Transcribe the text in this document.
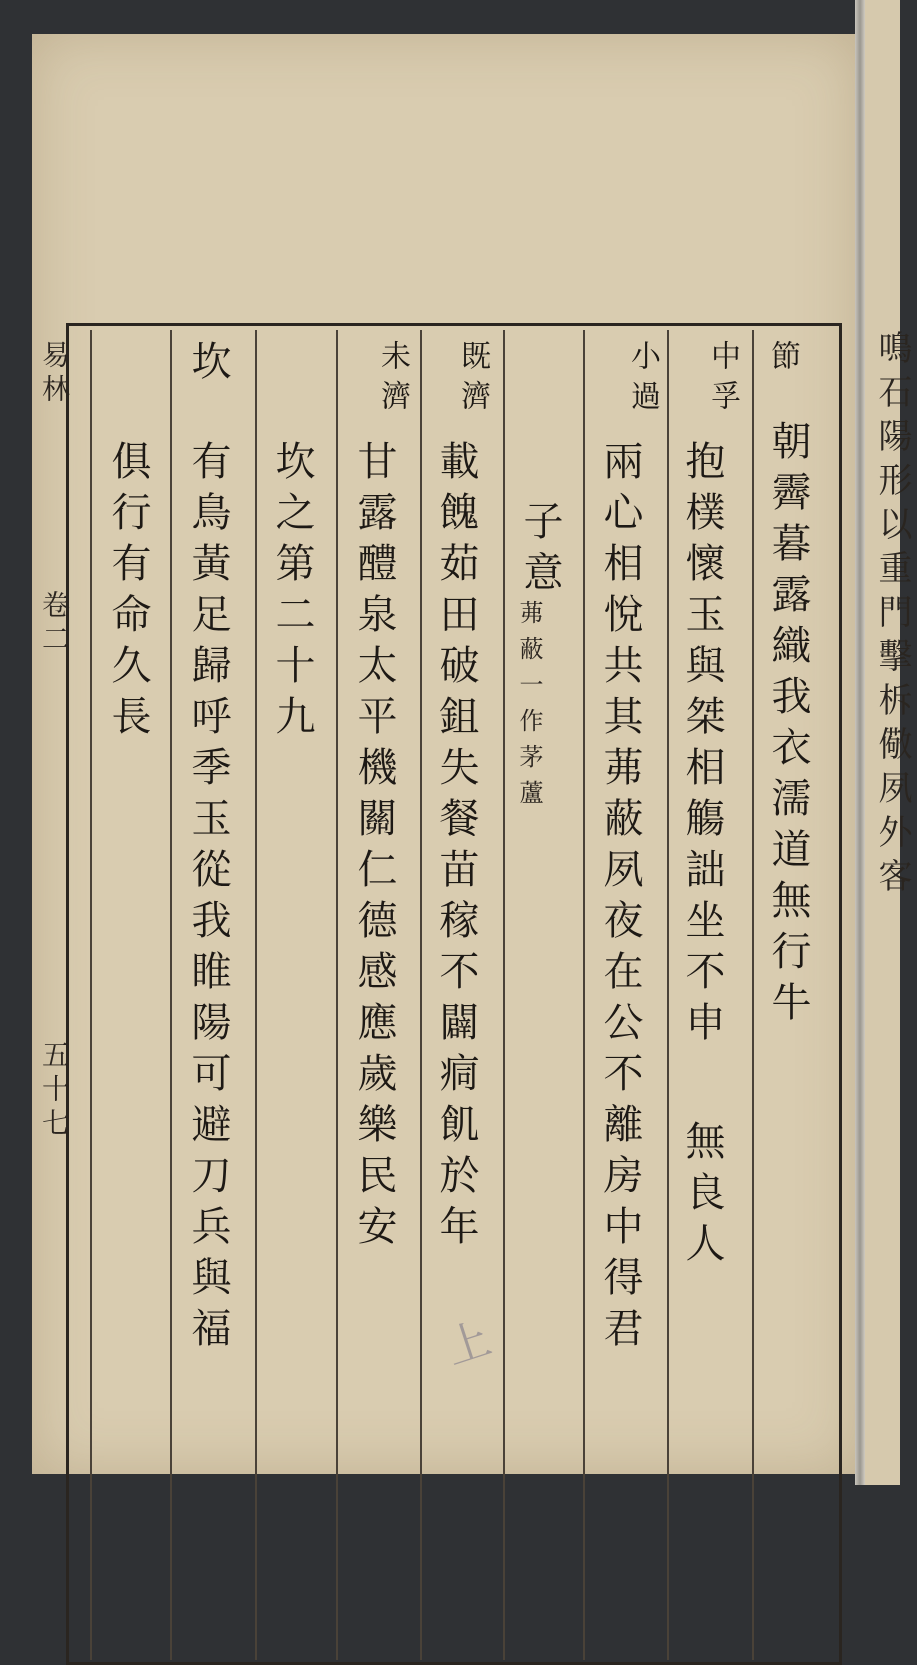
鳴石陽形以重門擊柝儆夙外客
易林
卷二
五十七
節

朝霽暮露織我衣濡道無行牛
中孚
抱樸懷玉與桀相觴詘坐不申
無良人
小過
兩心相悅共其茀蔽夙夜在公不離房中得君
子意
茀蔽一作茅蘆
既濟
載餽茹田破鉏失餐苗稼不闢痌飢於年
未濟
甘露醴泉太平機關仁德感應歲樂民安
坎之第二十九
坎
有鳥黃足歸呼季玉從我睢陽可避刀兵與福
俱行有命久長
上
